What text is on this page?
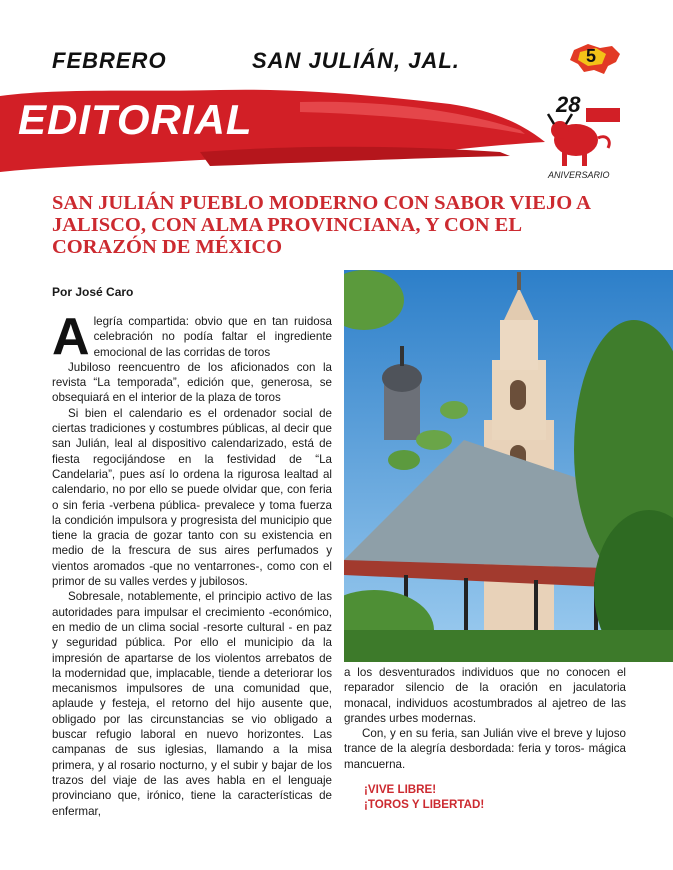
FEBRERO	SAN JULIÁN, JAL.	5
EDITORIAL	28
ANIVERSARIO
SAN JULIÁN PUEBLO MODERNO CON SABOR VIEJO A JALISCO, CON ALMA PROVINCIANA, Y CON EL CORAZÓN DE MÉXICO
Por José Caro

A legría compartida: obvio que en tan ruidosa celebración no podía faltar el ingrediente emocional de las corridas de toros

Jubiloso reencuentro de los aficionados con la revista “La temporada”, edición que, generosa, se obsequiará en el interior de la plaza de toros

Si bien el calendario es el ordenador social de ciertas tradiciones y costumbres públicas, al decir que san Julián, leal al dispositivo calendarizado, está de fiesta regocijándose en la festividad de “La Candelaria”, pues así lo ordena la rigurosa lealtad al calendario, no por ello se puede olvidar que, con feria o sin feria -verbena pública- prevalece y toma fuerza la condición impulsora y progresista del municipio que tiene la gracia de gozar tanto con su existencia en medio de la frescura de sus aires perfumados y vientos aromados -que no ventarrones-, como con el primor de su valles verdes y jubilosos.

Sobresale, notablemente, el principio activo de las autoridades para impulsar el crecimiento -económico, en medio de un clima social -resorte cultural - en paz y seguridad pública. Por ello el municipio da la impresión de apartarse de los violentos arrebatos de la modernidad que, implacable, tiende a deteriorar los mecanismos impulsores de una comunidad que, aplaude y festeja, el retorno del hijo ausente que, obligado por las circunstancias se vio obligado a buscar refugio laboral en nuevo horizontes. Las campanas de sus iglesias, llamando a la misa primera, y al rosario nocturno, y el subir y bajar de los trazos del viaje de las aves habla en el lenguaje provinciano que, irónico, tiene la características de enfermar,

a los desventurados individuos que no conocen el reparador silencio de la oración en jaculatoria monacal, individuos acostumbrados al ajetreo de las grandes urbes modernas.

Con, y en su feria, san Julián vive el breve y lujoso trance de la alegría desbordada: feria y toros- mágica mancuerna.

¡VIVE LIBRE!
¡TOROS Y LIBERTAD!
